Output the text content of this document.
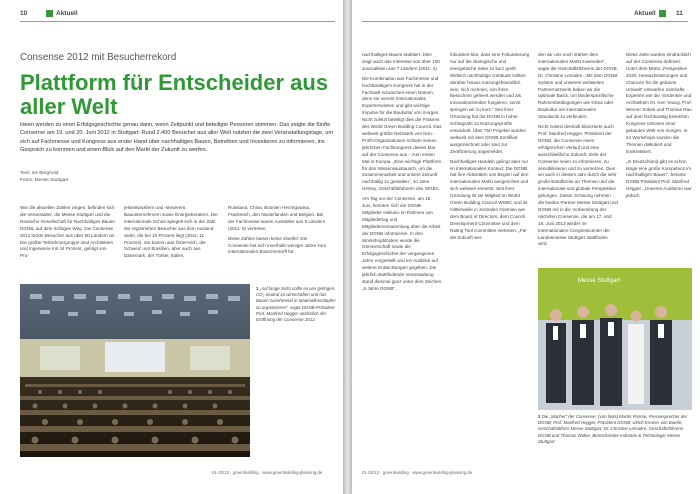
10	Aktuell
Consense 2012 mit Besucherrekord
Plattform für Entscheider aus aller Welt
Ideen werden zu einer Erfolgsgeschichte genau dann, wenn Zeitpunkt und beteiligte Personen stimmen. Das zeigte die fünfte Consense am 19. und 20. Juni 2012 in Stuttgart: Rund 2.400 Besucher aus aller Welt nutzten die zwei Veranstaltungstage, um sich auf Fachmesse und Kongress aus erster Hand über nachhaltiges Bauen, Betreiben und Investieren zu informieren, ins Gespräch zu kommen und einen Blick auf den Markt der Zukunft zu werfen.
Text: Iris Berghold
Fotos: Messe Stuttgart
Wie die aktuellen Zahlen zeigen, befinden sich die Veranstalter, die Messe Stuttgart und die Deutsche Gesellschaft für Nachhaltiges Bauen DGNB, auf dem richtigen Weg. Die Consense 2012 lockte Besucher aus über 50 Ländern an. Die größte Teilnehmergruppe sind Architekten und Ingenieure mit 44 Prozent, gefolgt von Pro-
jektentwicklern und -steuerern, Bauunternehmern sowie Energieberatern. Der internationale Schub spiegelt sich in der Zahl der registrierten Besucher aus dem Ausland wider, die bei 10 Prozent liegt (2011: 11 Prozent). Sie kamen aus Österreich, der Schweiz und Brasilien, aber auch aus Dänemark, der Türkei, Italien,

Russland, China, Bosnien Herzegowina, Frankreich, den Niederlanden und Belgien. Bei der Fachmesse waren Aussteller aus 6 Ländern (2011: 5) vertreten.

Diese Zahlen lassen keine Zweifel: Die Consense hat sich innerhalb weniger Jahre zum internationalen Branchentreff für

1 „Auf lange Sicht sollte es uns gelingen, CO₂-neutral zu wirtschaften und das Bauen zunehmend in Materialkreisläufen zu organisieren“, sagte DGNB-Präsident Prof. Manfred Hegger anlässlich der Eröffnung der Consense 2012.
01·02/13 · greenbuilding · www.greenbuilding-planning.de
Aktuell	11

nachhaltiges Bauen etabliert. Dies zeigt auch das Interesse von über 100 Journalisten aus 7 Ländern (2011: 4).

Die Kombination aus Fachmesse und hochkarätigem Kongress hat in der Fachwelt inzwischen einen Namen, denn sie vereint Internationales Expertenwissen und gibt wichtige Impulse für die Baukultur von morgen. Nicht zuletzt beteiligt dies die Präsens des World Green Building Council. Das weltweit größte Netzwerk von Non-Profit-Organisationen richtete seinen jährlichen Fachkongress dieses Mal auf der Consense aus – zum ersten Mal in Europa. „Eine wichtige Plattform für den Wissensaustausch, um die Zusammenarbeit und unsere Zukunft nachhaltig zu gestalten“, so Jane Henley, Geschäftsführerin des WGBC.

Am Tag vor der Consense, am 18. Juni, konnten sich die DGNB-Mitglieder exklusiv im Rahmen von Mitgliedertag und Mitgliederversammlung über die Arbeit der DGNB informieren. In drei Workshopblöcken wurde die Gemeinschaft sowie die Erfolgsgeschichte der vergangenen Jahre vorgestellt und ein Ausblick auf weitere Entwicklungen gegeben. Die jährlich stattfindende Veranstaltung stand diesmal ganz unter dem Zeichen „5 Jahre DGNB“.

fokussiert klar, dass eine Fokussierung nur auf die ökologische und energetische Seite zu kurz greift. Wirklich nachhaltige Gebäude sollten darüber hinaus nutzungsfreundlich sein, sich rechnen, von ihren Besuchern gefeiert werden und als Innovationstreiber fungieren, sonst springen wir zu kurz.“ Seit ihrer Gründung hat die DGNB in hoher Schlagzahl 13 Nutzungsprofile entwickelt. Über 750 Projekte wurden weltweit mit dem DGNB Zertifikat ausgezeichnet oder sind zur Zertifizierung angemeldet.

Nachhaltiges Handeln gelingt aber nur im internationalen Kontext. Die DGNB hat ihre Aktivitäten von Beginn auf den internationalen Markt ausgerichtet und sich weltweit vernetzt. Seit ihrer Gründung ist sie Mitglied im World Green Building Council WGBC und ist mittlerweile in zentralen Gremien wie dem Board of Directors, dem Council Development Committee und dem Rating Tool Committee vertreten. „Für die Zukunft wer-

den wir uns noch stärker dem internationalen Markt zuwenden“, sagte die Geschäftsführerin der DGNB Dr. Christine Lemaitre. „Mit dem DGNB System und unserem weltweiten Partnernetzwerk haben wir die optimale Basis, um länderspezifische Rahmenbedingungen wie Klima oder Baukultur mit internationalen Standards zu verbinden.

Nicht zuletzt deshalb bilanzierte auch Prof. Manfred Hegger, Präsident der DGNB, die Consense einen erfolgreichen Verlauf und eine ausschließliche Zukunft. Ziele der Consense seien zu informieren, zu sensibilisieren und zu vernetzen. Dies sei auch in diesem Jahr durch die sehr große Bandbreite an Themen und die internationale und globale Perspektive gelungen. Dieser Schwung nehmen die beiden Partner Messe Stuttgart und DGNB mit in die Vorbereitung der nächsten Consense, die am 17. und 18. Juni 2013 wieder im Internationalen Congresscenter der Landesmesse Stuttgart stattfinden wird.

Diese Ziele wurden eindrücklich auf der Consense definiert: Unter dem Motto „Perspektive 2020: Herausforderungen und Chancen für die gebaute Umwelt“ entwarfen namhafte Experten wie die Vordenker und Architekten Dr. Ken Yeang, Prof. Werner Sobek und Thomas Rau auf dem hochkarätig besetzten Kongress Visionen einer gebauten Welt von morgen. In 24 Workshops wurden die Themen diskutiert und konkretisiert.

„In Deutschland gibt es schon lange eine große Kompetenz im nachhaltigen Bauen“, betonte DGNB Präsident Prof. Manfred Hegger. „Unseren Auditoren war jedoch

Messe Stuttgart
2 Die „Macher“ der Consense: (von links) Martin Prüsse, Pressesprecher der DGNB; Prof. Manfred Hegger, Präsident DGNB; Ulrich Kromer von Baerle, Geschäftsführer Messe Stuttgart; Dr. Christine Lemaitre, Geschäftsführerin DGNB und Thomas Walter, Bereichsleiter Industrie & Technologie Messe Stuttgart
01·02/13 · greenbuilding · www.greenbuilding-planning.de
